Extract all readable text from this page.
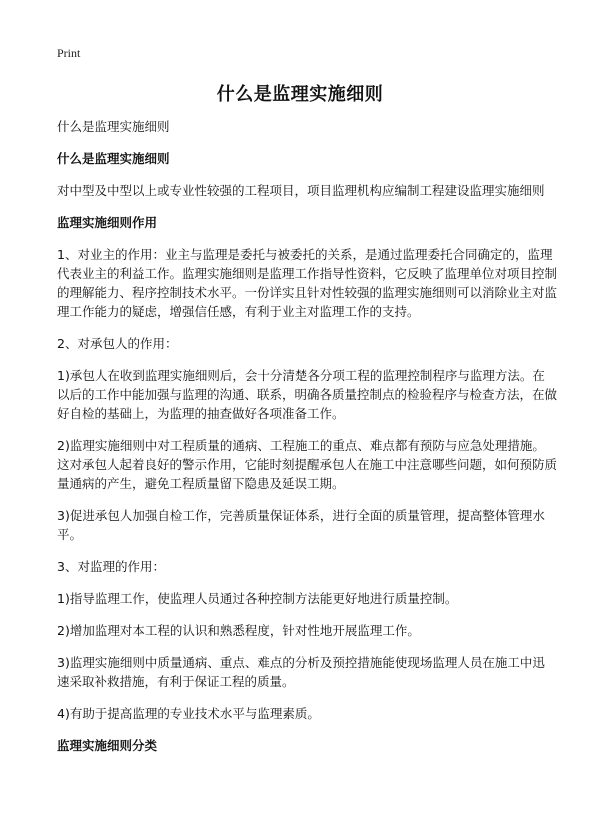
Print
什么是监理实施细则

什么是监理实施细则

什么是监理实施细则

对中型及中型以上或专业性较强的工程项目，项目监理机构应编制工程建设监理实施细则

监理实施细则作用

1、对业主的作用：业主与监理是委托与被委托的关系，是通过监理委托合同确定的，监理代表业主的利益工作。监理实施细则是监理工作指导性资料，它反映了监理单位对项目控制的理解能力、程序控制技术水平。一份详实且针对性较强的监理实施细则可以消除业主对监理工作能力的疑虑，增强信任感，有利于业主对监理工作的支持。

2、对承包人的作用：

1)承包人在收到监理实施细则后，会十分清楚各分项工程的监理控制程序与监理方法。在以后的工作中能加强与监理的沟通、联系，明确各质量控制点的检验程序与检查方法，在做好自检的基础上，为监理的抽查做好各项准备工作。

2)监理实施细则中对工程质量的通病、工程施工的重点、难点都有预防与应急处理措施。这对承包人起着良好的警示作用，它能时刻提醒承包人在施工中注意哪些问题，如何预防质量通病的产生，避免工程质量留下隐患及延误工期。

3)促进承包人加强自检工作，完善质量保证体系，进行全面的质量管理，提高整体管理水平。

3、对监理的作用：

1)指导监理工作，使监理人员通过各种控制方法能更好地进行质量控制。

2)增加监理对本工程的认识和熟悉程度，针对性地开展监理工作。

3)监理实施细则中质量通病、重点、难点的分析及预控措施能使现场监理人员在施工中迅速采取补救措施，有利于保证工程的质量。

4)有助于提高监理的专业技术水平与监理素质。

监理实施细则分类
